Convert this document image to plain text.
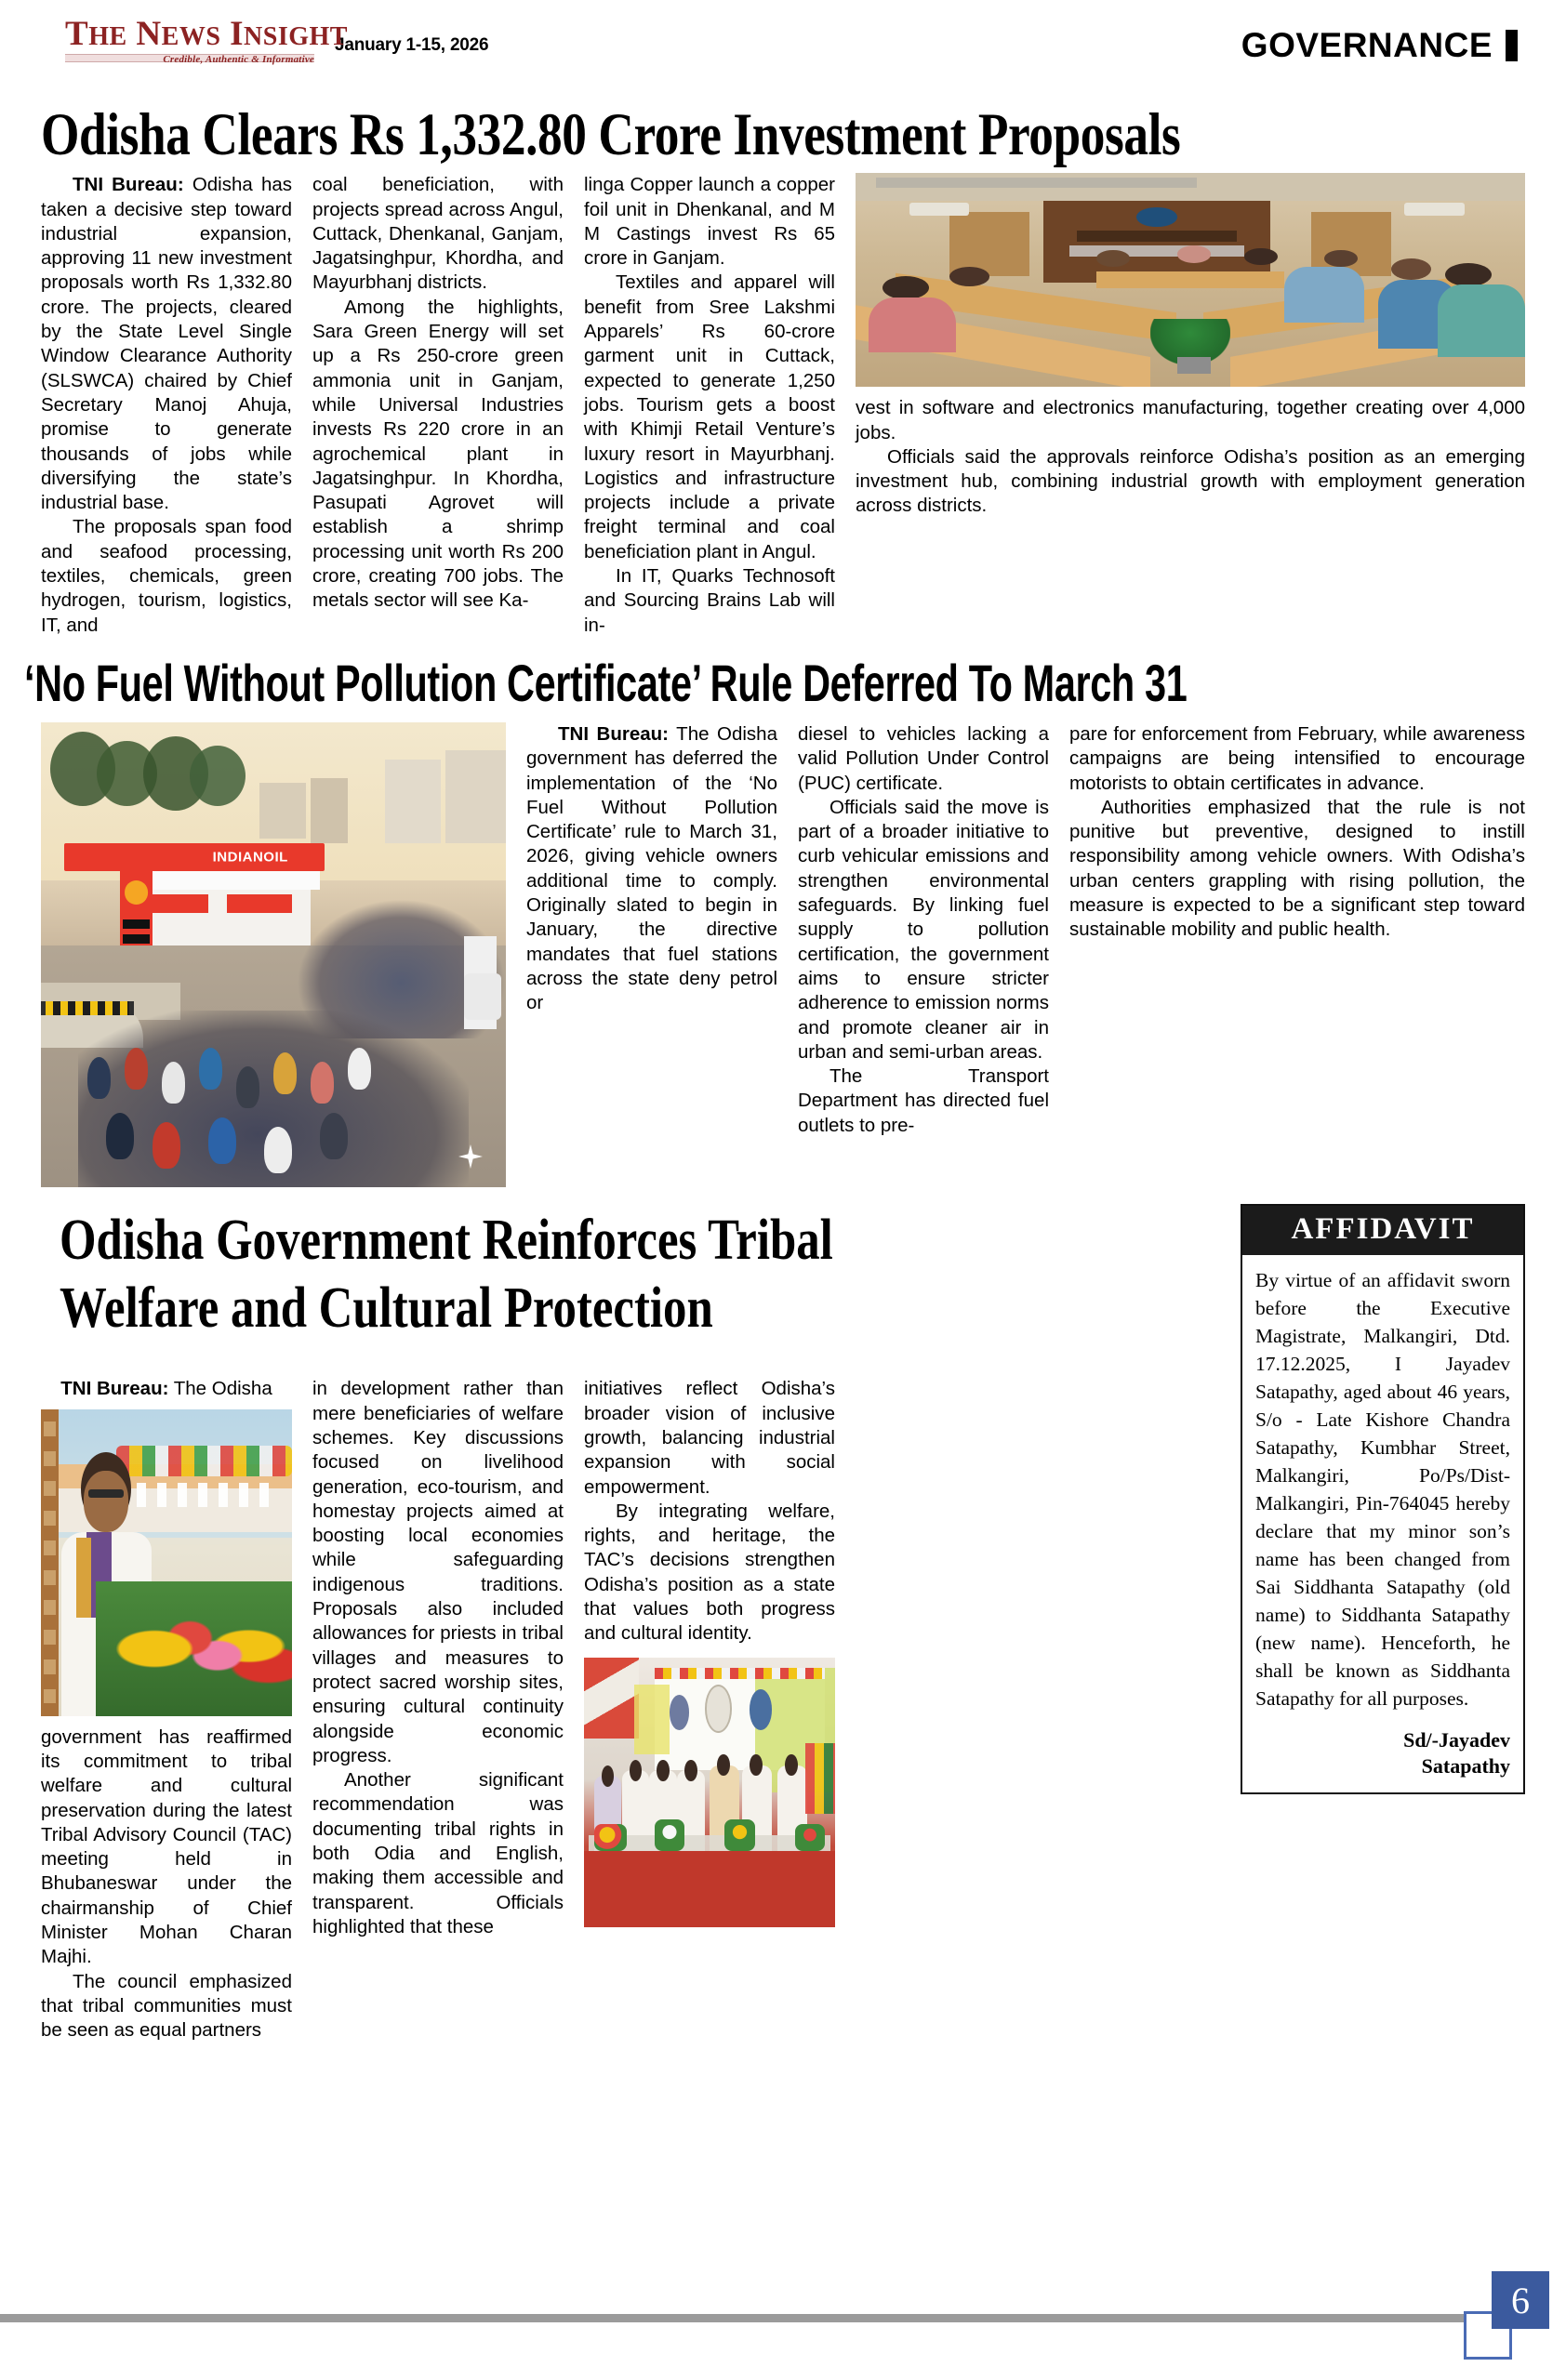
THE NEWS INSIGHT
Credible, Authentic & Informative
January 1-15, 2026	GOVERNANCE
Odisha Clears Rs 1,332.80 Crore Investment Proposals

TNI Bureau: Odisha has taken a decisive step toward industrial expansion, approving 11 new investment proposals worth Rs 1,332.80 crore. The projects, cleared by the State Level Single Window Clearance Authority (SLSWCA) chaired by Chief Secretary Manoj Ahuja, promise to generate thousands of jobs while diversifying the state’s industrial base.

The proposals span food and seafood processing, textiles, chemicals, green hydrogen, tourism, logistics, IT, and

coal beneficiation, with projects spread across Angul, Cuttack, Dhenkanal, Ganjam, Jagatsinghpur, Khordha, and Mayurbhanj districts.

Among the highlights, Sara Green Energy will set up a Rs 250-crore green ammonia unit in Ganjam, while Universal Industries invests Rs 220 crore in an agrochemical plant in Jagatsinghpur. In Khordha, Pasupati Agrovet will establish a shrimp processing unit worth Rs 200 crore, creating 700 jobs. The metals sector will see Ka-

linga Copper launch a copper foil unit in Dhenkanal, and M M Castings invest Rs 65 crore in Ganjam.

Textiles and apparel will benefit from Sree Lakshmi Apparels’ Rs 60-crore garment unit in Cuttack, expected to generate 1,250 jobs. Tourism gets a boost with Khimji Retail Venture’s luxury resort in Mayurbhanj. Logistics and infrastructure projects include a private freight terminal and coal beneficiation plant in Angul.

In IT, Quarks Technosoft and Sourcing Brains Lab will in-

vest in software and electronics manufacturing, together creating over 4,000 jobs.

Officials said the approvals reinforce Odisha’s position as an emerging investment hub, combining industrial growth with employment generation across districts.

‘No Fuel Without Pollution Certificate’ Rule Deferred To March 31
INDIANOIL

TNI Bureau: The Odisha government has deferred the implementation of the ‘No Fuel Without Pollution Certificate’ rule to March 31, 2026, giving vehicle owners additional time to comply. Originally slated to begin in January, the directive mandates that fuel stations across the state deny petrol or

diesel to vehicles lacking a valid Pollution Under Control (PUC) certificate.

Officials said the move is part of a broader initiative to curb vehicular emissions and strengthen environmental safeguards. By linking fuel supply to pollution certification, the government aims to ensure stricter adherence to emission norms and promote cleaner air in urban and semi-urban areas.

The Transport Department has directed fuel outlets to pre-

pare for enforcement from February, while awareness campaigns are being intensified to encourage motorists to obtain certificates in advance.

Authorities emphasized that the rule is not punitive but preventive, designed to instill responsibility among vehicle owners. With Odisha’s urban centers grappling with rising pollution, the measure is expected to be a significant step toward sustainable mobility and public health.

Odisha Government Reinforces Tribal
Welfare and Cultural Protection

TNI Bureau: The Odisha

government has reaffirmed its commitment to tribal welfare and cultural preservation during the latest Tribal Advisory Council (TAC) meeting held in Bhubaneswar under the chairmanship of Chief Minister Mohan Charan Majhi.

The council emphasized that tribal communities must be seen as equal partners

in development rather than mere beneficiaries of welfare schemes. Key discussions focused on livelihood generation, eco-tourism, and homestay projects aimed at boosting local economies while safeguarding indigenous traditions. Proposals also included allowances for priests in tribal villages and measures to protect sacred worship sites, ensuring cultural continuity alongside economic progress.

Another significant recommendation was documenting tribal rights in both Odia and English, making them accessible and transparent. Officials highlighted that these

initiatives reflect Odisha’s broader vision of inclusive growth, balancing industrial expansion with social empowerment.

By integrating welfare, rights, and heritage, the TAC’s decisions strengthen Odisha’s position as a state that values both progress and cultural identity.

AFFIDAVIT
By virtue of an affidavit sworn before the Executive Magistrate, Malkangiri, Dtd. 17.12.2025, I Jayadev Satapathy, aged about 46 years, S/o - Late Kishore Chandra Satapathy, Kumbhar Street, Malkangiri, Po/Ps/Dist-Malkangiri, Pin-764045 hereby declare that my minor son’s name has been changed from Sai Siddhanta Satapathy (old name) to Siddhanta Satapathy (new name). Henceforth, he shall be known as Siddhanta Satapathy for all purposes.
Sd/-Jayadev
Satapathy
6
